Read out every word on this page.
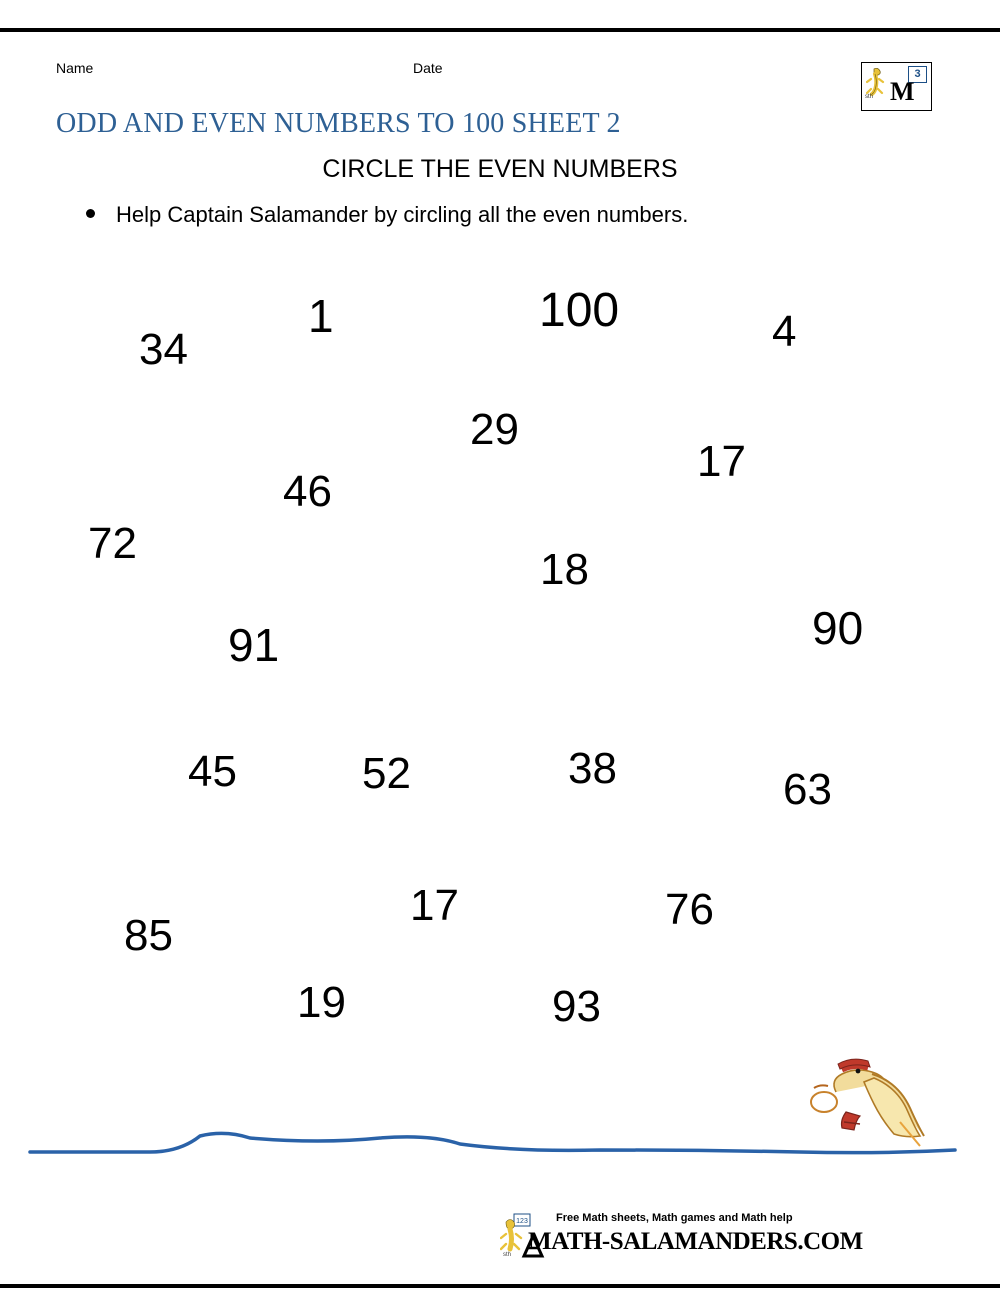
Name	Date	3
M
sth
ODD AND EVEN NUMBERS TO 100 SHEET 2
CIRCLE THE EVEN NUMBERS
Help Captain Salamander by circling all the even numbers.
34
1	100	4
29
17
46
72
18
90
91
45	52	38	63
17	76
85
19	93
123
sth
Free Math sheets, Math games and Math help
MATH-SALAMANDERS.COM
